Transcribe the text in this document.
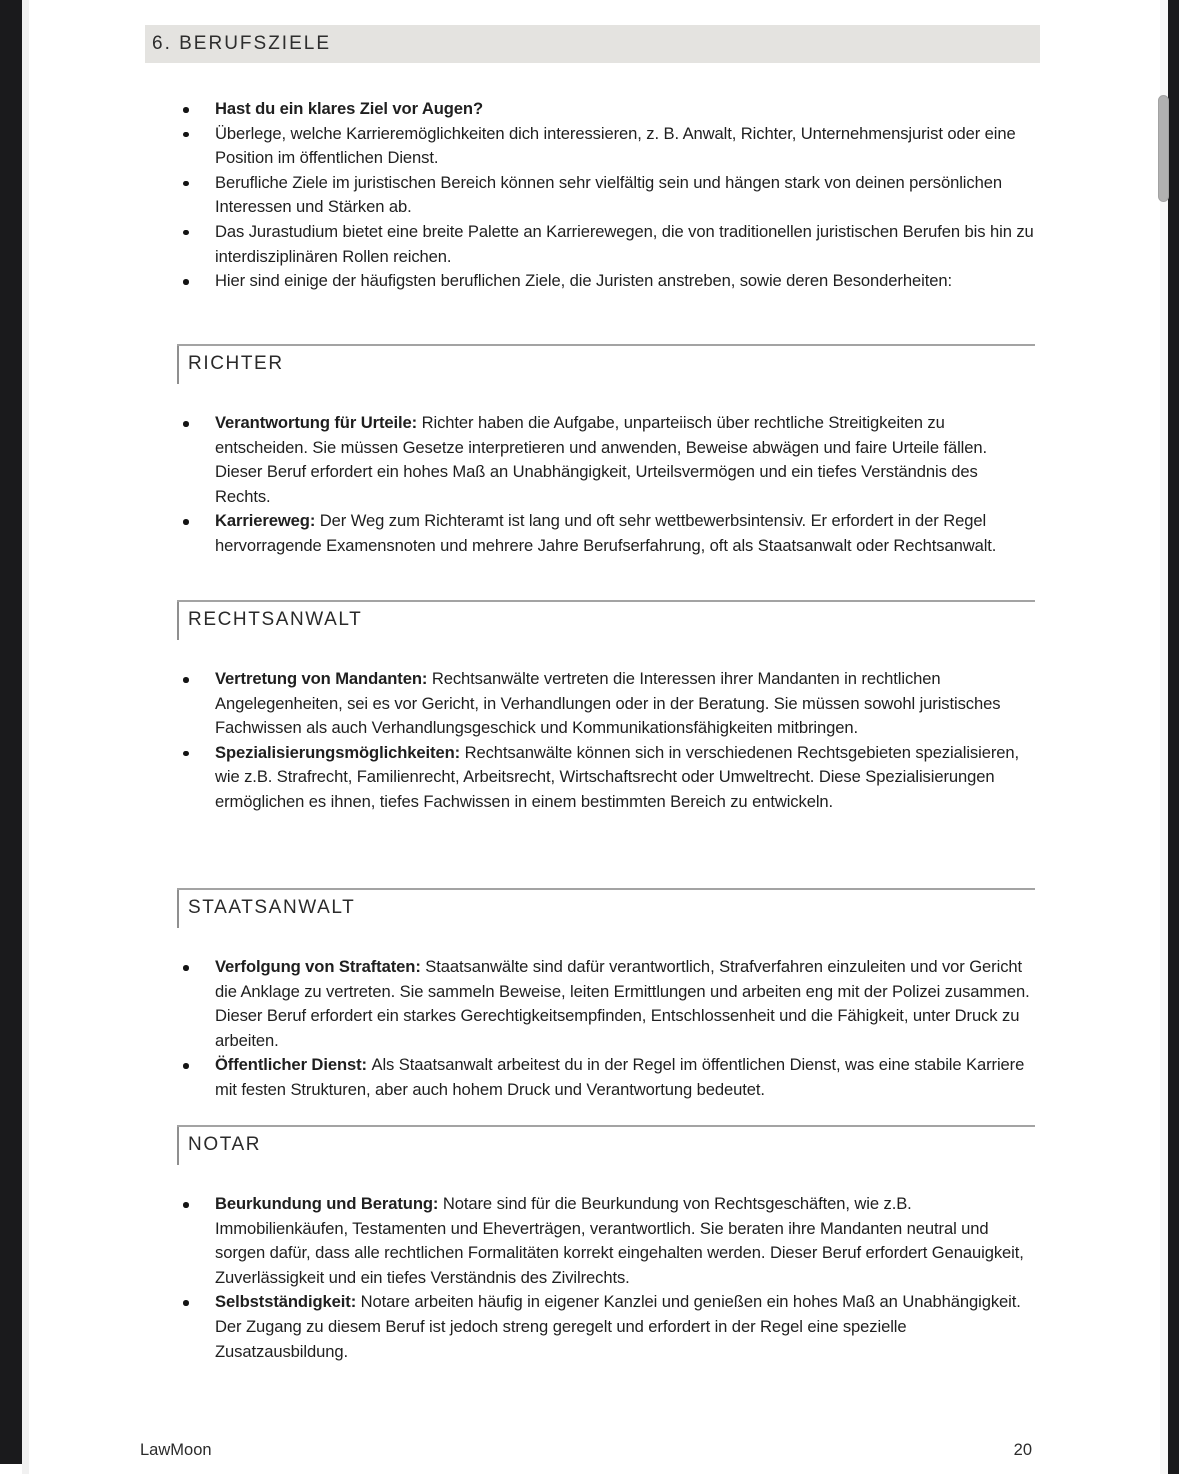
6. BERUFSZIELE

Hast du ein klares Ziel vor Augen?

Überlege, welche Karrieremöglichkeiten dich interessieren, z. B. Anwalt, Richter, Unternehmensjurist oder eine Position im öffentlichen Dienst.

Berufliche Ziele im juristischen Bereich können sehr vielfältig sein und hängen stark von deinen persönlichen Interessen und Stärken ab.

Das Jurastudium bietet eine breite Palette an Karrierewegen, die von traditionellen juristischen Berufen bis hin zu interdisziplinären Rollen reichen.

Hier sind einige der häufigsten beruflichen Ziele, die Juristen anstreben, sowie deren Besonderheiten:

RICHTER

Verantwortung für Urteile: Richter haben die Aufgabe, unparteiisch über rechtliche Streitigkeiten zu entscheiden. Sie müssen Gesetze interpretieren und anwenden, Beweise abwägen und faire Urteile fällen. Dieser Beruf erfordert ein hohes Maß an Unabhängigkeit, Urteilsvermögen und ein tiefes Verständnis des Rechts.

Karriereweg: Der Weg zum Richteramt ist lang und oft sehr wettbewerbsintensiv. Er erfordert in der Regel hervorragende Examensnoten und mehrere Jahre Berufserfahrung, oft als Staatsanwalt oder Rechtsanwalt.

RECHTSANWALT

Vertretung von Mandanten: Rechtsanwälte vertreten die Interessen ihrer Mandanten in rechtlichen Angelegenheiten, sei es vor Gericht, in Verhandlungen oder in der Beratung. Sie müssen sowohl juristisches Fachwissen als auch Verhandlungsgeschick und Kommunikationsfähigkeiten mitbringen.

Spezialisierungsmöglichkeiten: Rechtsanwälte können sich in verschiedenen Rechtsgebieten spezialisieren, wie z.B. Strafrecht, Familienrecht, Arbeitsrecht, Wirtschaftsrecht oder Umweltrecht. Diese Spezialisierungen ermöglichen es ihnen, tiefes Fachwissen in einem bestimmten Bereich zu entwickeln.

STAATSANWALT

Verfolgung von Straftaten: Staatsanwälte sind dafür verantwortlich, Strafverfahren einzuleiten und vor Gericht die Anklage zu vertreten. Sie sammeln Beweise, leiten Ermittlungen und arbeiten eng mit der Polizei zusammen. Dieser Beruf erfordert ein starkes Gerechtigkeitsempfinden, Entschlossenheit und die Fähigkeit, unter Druck zu arbeiten.

Öffentlicher Dienst: Als Staatsanwalt arbeitest du in der Regel im öffentlichen Dienst, was eine stabile Karriere mit festen Strukturen, aber auch hohem Druck und Verantwortung bedeutet.

NOTAR

Beurkundung und Beratung: Notare sind für die Beurkundung von Rechtsgeschäften, wie z.B. Immobilienkäufen, Testamenten und Eheverträgen, verantwortlich. Sie beraten ihre Mandanten neutral und sorgen dafür, dass alle rechtlichen Formalitäten korrekt eingehalten werden. Dieser Beruf erfordert Genauigkeit, Zuverlässigkeit und ein tiefes Verständnis des Zivilrechts.

Selbstständigkeit: Notare arbeiten häufig in eigener Kanzlei und genießen ein hohes Maß an Unabhängigkeit. Der Zugang zu diesem Beruf ist jedoch streng geregelt und erfordert in der Regel eine spezielle Zusatzausbildung.

LawMoon	20
